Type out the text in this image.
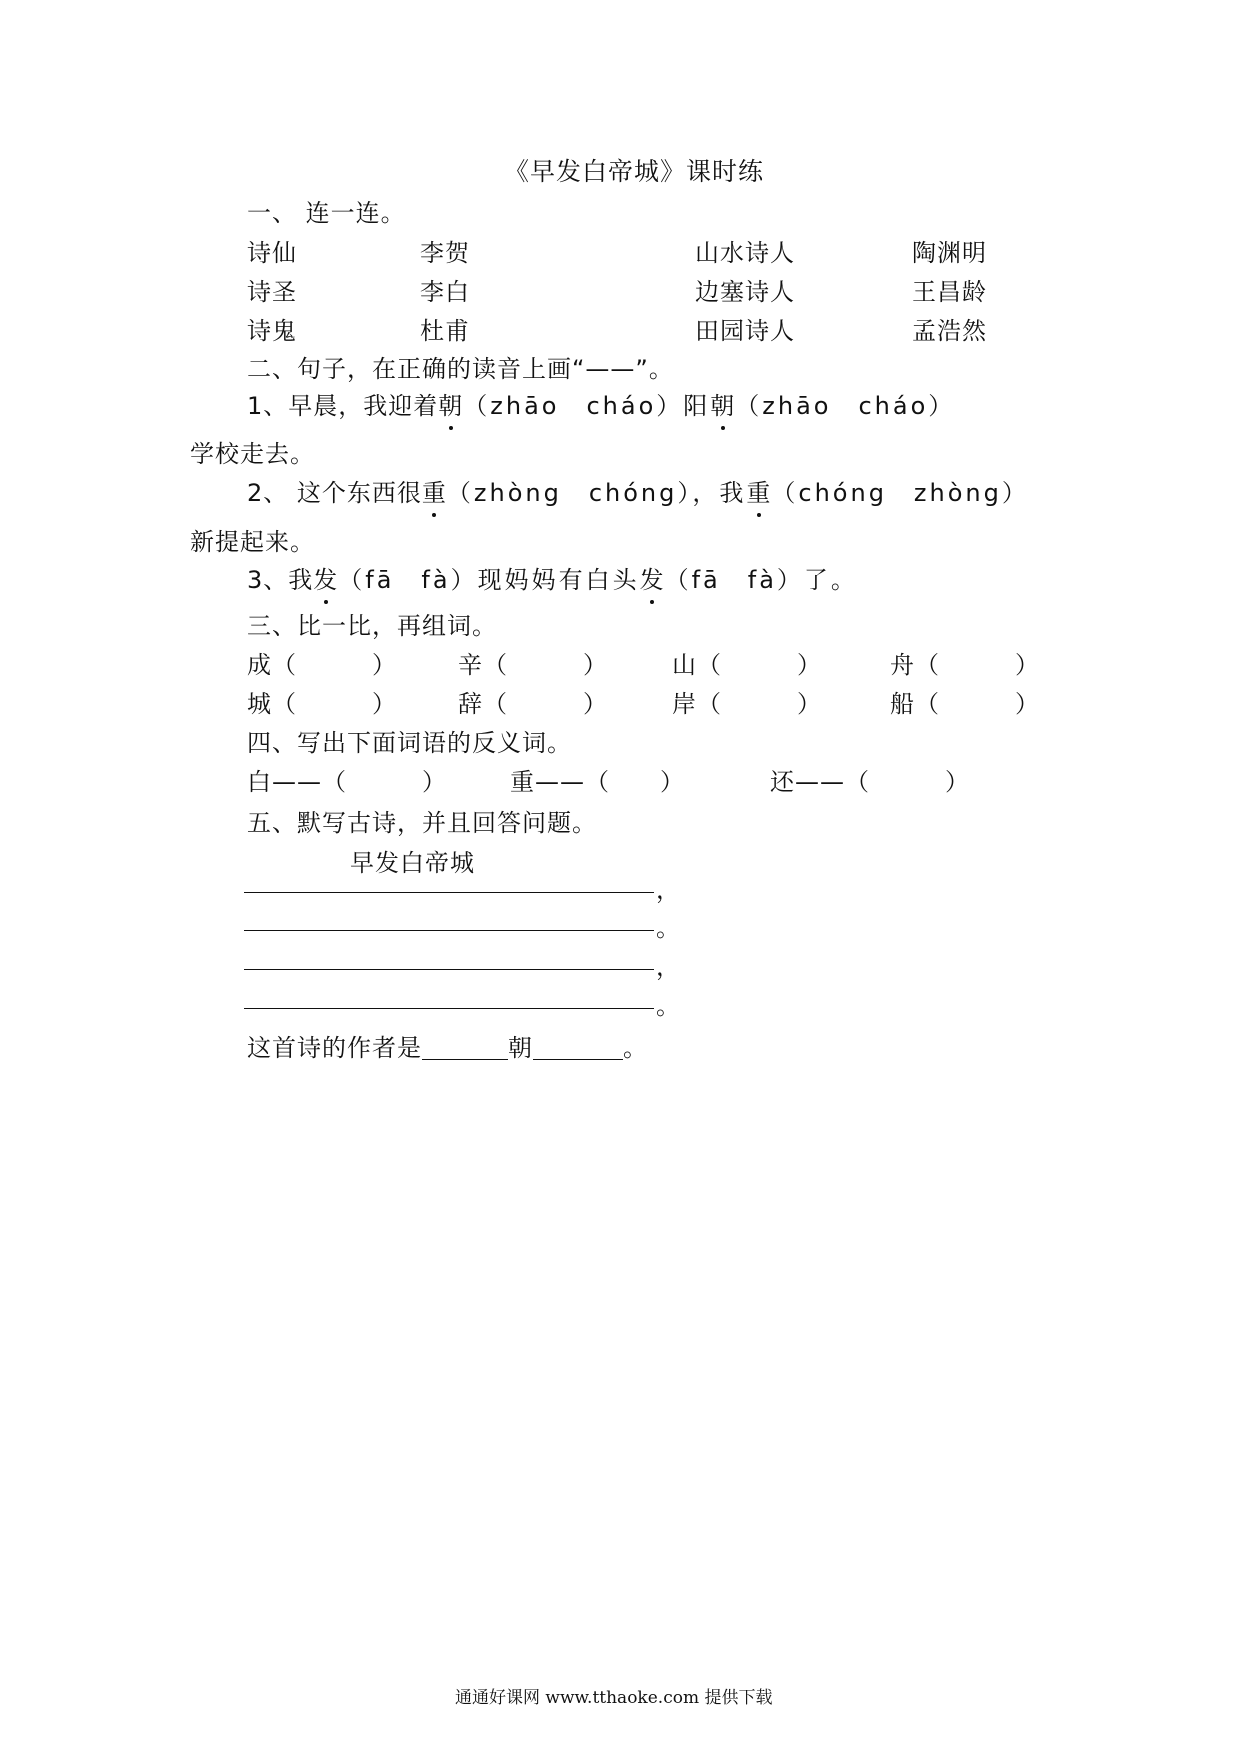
《早发白帝城》课时练
一、 连一连。
诗仙	李贺	山水诗人	陶渊明
诗圣	李白	边塞诗人	王昌龄
诗鬼	杜甫	田园诗人	孟浩然
二、句子，在正确的读音上画“——”。
1、早晨，我迎着朝（zhāo　cháo）阳朝（zhāo　cháo）
学校走去。
2、 这个东西很重（zhòng　chóng），我重（chóng　zhòng）
新提起来。
3、我发（fā　fà）现妈妈有白头发（fā　fà）了。
三、比一比，再组词。
成（　　　）	辛（　　　）	山（　　　）	舟（　　　）
城（　　　）	辞（　　　）	岸（　　　）	船（　　　）
四、写出下面词语的反义词。
白——（　　　）	重——（　　）	还——（　　　）
五、默写古诗，并且回答问题。
早发白帝城
，
。
，
。
这首诗的作者是	朝	。
通通好课网 www.tthaoke.com 提供下载
